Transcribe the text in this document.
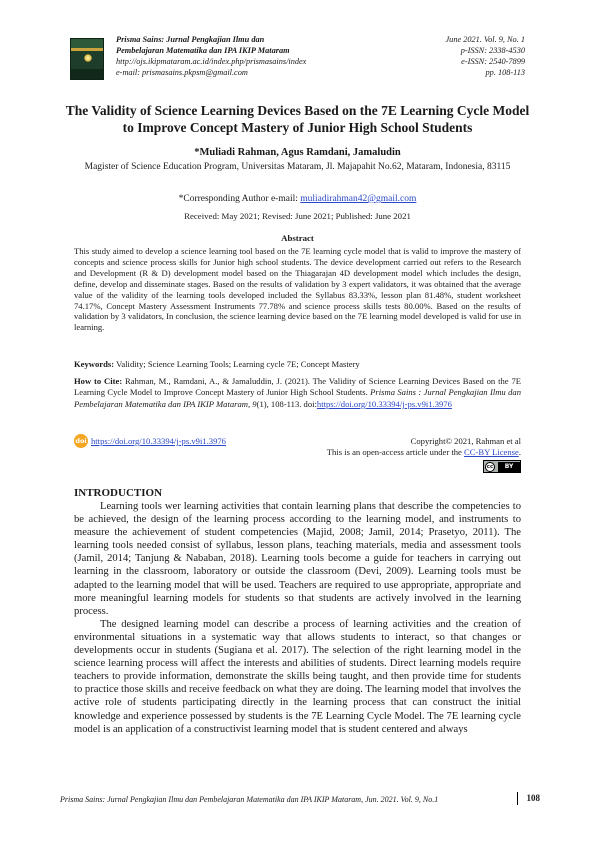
Prisma Sains: Jurnal Pengkajian Ilmu dan
Pembelajaran Matematika dan IPA IKIP Mataram
http://ojs.ikipmataram.ac.id/index.php/prismasains/index
e-mail: prismasains.pkpsm@gmail.com
June 2021. Vol. 9, No. 1
p-ISSN: 2338-4530
e-ISSN: 2540-7899
pp. 108-113
The Validity of Science Learning Devices Based on the 7E Learning Cycle Model to Improve Concept Mastery of Junior High School Students
*Muliadi Rahman, Agus Ramdani, Jamaludin
Magister of Science Education Program, Universitas Mataram, Jl. Majapahit No.62, Mataram, Indonesia, 83115
*Corresponding Author e-mail: muliadirahman42@gmail.com
Received: May 2021; Revised: June 2021; Published: June 2021
Abstract
This study aimed to develop a science learning tool based on the 7E learning cycle model that is valid to improve the mastery of concepts and science process skills for Junior high school students. The device development carried out refers to the Research and Development (R & D) development model based on the Thiagarajan 4D development model which includes the design, define, develop and disseminate stages. Based on the results of validation by 3 expert validators, it was obtained that the average value of the validity of the learning tools developed included the Syllabus 83.33%, lesson plan 81.48%, student worksheet 74.17%, Concept Mastery Assessment Instruments 77.78% and science process skills tests 80.00%. Based on the results of validation by 3 validators, In conclusion, the science learning device based on the 7E learning model developed is valid for use in learning.
Keywords: Validity; Science Learning Tools; Learning cycle 7E; Concept Mastery
How to Cite: Rahman, M., Ramdani, A., & Jamaluddin, J. (2021). The Validity of Science Learning Devices Based on the 7E Learning Cycle Model to Improve Concept Mastery of Junior High School Students. Prisma Sains : Jurnal Pengkajian Ilmu dan Pembelajaran Matematika dan IPA IKIP Mataram, 9(1), 108-113. doi:https://doi.org/10.33394/j-ps.v9i1.3976
doi https://doi.org/10.33394/j-ps.v9i1.3976	Copyright© 2021, Rahman et al
This is an open-access article under the CC-BY License.
cc	BY
INTRODUCTION

Learning tools wer learning activities that contain learning plans that describe the competencies to be achieved, the design of the learning process according to the learning model, and instruments to measure the achievement of student competencies (Majid, 2008; Jamil, 2014; Prasetyo, 2011). The learning tools needed consist of syllabus, lesson plans, teaching materials, media and assessment tools (Jamil, 2014; Tanjung & Nababan, 2018). Learning tools become a guide for teachers in carrying out learning in the classroom, laboratory or outside the classroom (Devi, 2009). Learning tools must be adapted to the learning model that will be used. Teachers are required to use appropriate, appropriate and more meaningful learning models for students so that students are actively involved in the learning process.

The designed learning model can describe a process of learning activities and the creation of environmental situations in a systematic way that allows students to interact, so that changes or developments occur in students (Sugiana et al. 2017). The selection of the right learning model in the science learning process will affect the interests and abilities of students. Direct learning models require teachers to provide information, demonstrate the skills being taught, and then provide time for students to practice those skills and receive feedback on what they are doing. The learning model that involves the active role of students participating directly in the learning process that can construct the initial knowledge and experience possessed by students is the 7E Learning Cycle Model. The 7E learning cycle model is an application of a constructivist learning model that is student centered and always

Prisma Sains: Jurnal Pengkajian Ilmu dan Pembelajaran Matematika dan IPA IKIP Mataram, Jun. 2021. Vol. 9, No.1	108
